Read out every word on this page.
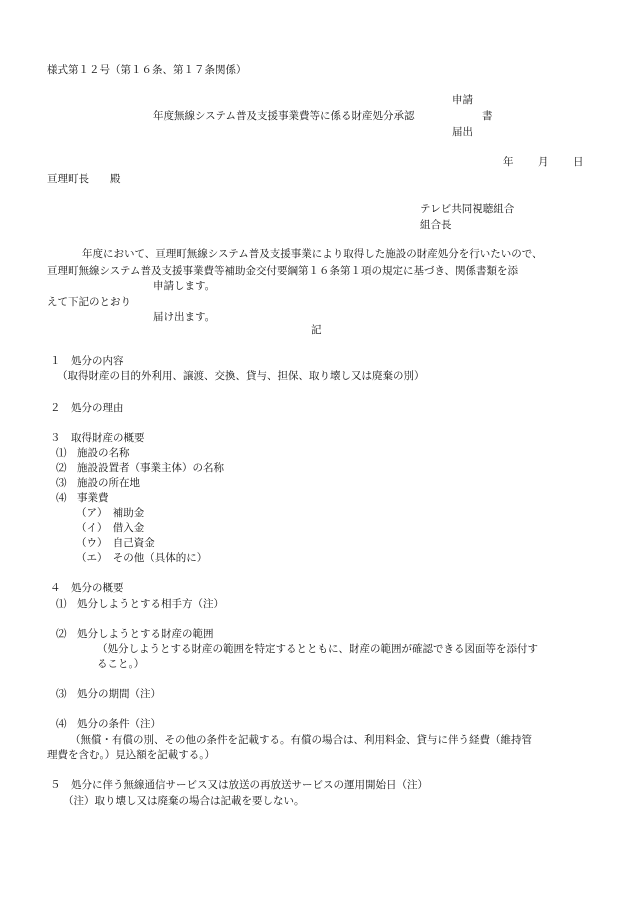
様式第１２号（第１６条、第１７条関係）
年度無線システム普及支援事業費等に係る財産処分承認
申請
書
届出
年 月 日
亘理町長　　殿
テレビ共同視聴組合
組合長
年度において、亘理町無線システム普及支援事業により取得した施設の財産処分を行いたいので、
亘理町無線システム普及支援事業費等補助金交付要綱第１６条第１項の規定に基づき、関係書類を添
申請します。
えて下記のとおり
届け出ます。
記
１　処分の内容
（取得財産の目的外利用、譲渡、交換、貸与、担保、取り壊し又は廃棄の別）
２　処分の理由
３　取得財産の概要
⑴　施設の名称
⑵　施設設置者（事業主体）の名称
⑶　施設の所在地
⑷　事業費
（ア）　補助金
（イ）　借入金
（ウ）　自己資金
（エ）　その他（具体的に）
４　処分の概要
⑴　処分しようとする相手方（注）
⑵　処分しようとする財産の範囲
（処分しようとする財産の範囲を特定するとともに、財産の範囲が確認できる図面等を添付す
ること。）
⑶　処分の期間（注）
⑷　処分の条件（注）
（無償・有償の別、その他の条件を記載する。有償の場合は、利用料金、貸与に伴う経費（維持管
理費を含む。）見込額を記載する。）
５　処分に伴う無線通信サービス又は放送の再放送サービスの運用開始日（注）
（注）取り壊し又は廃棄の場合は記載を要しない。
